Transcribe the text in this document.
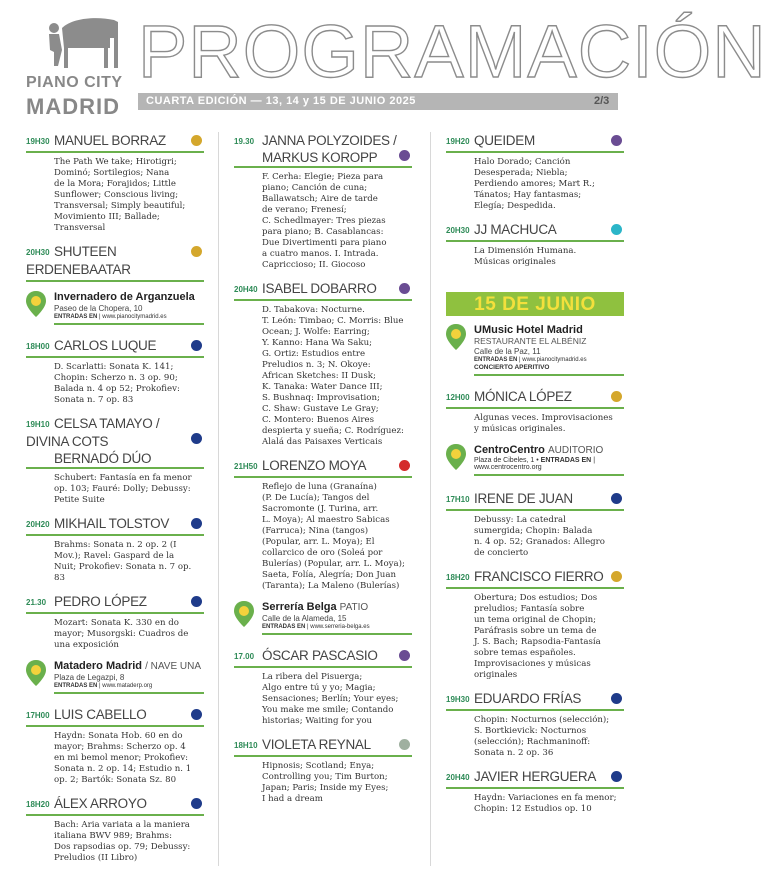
PIANO CITY
MADRID
PROGRAMACIÓN
CUARTA EDICIÓN — 13, 14 y 15 DE JUNIO 2025	2/3
19H30 MANUEL BORRAZ
The Path We take; Hirotigri;
Dominó; Sortilegios; Nana
de la Mora; Forajidos; Little
Sunflower; Conscious living;
Transversal; Simply beautiful;
Movimiento III; Ballade;
Transversal
20H30 SHUTEEN ERDENEBAATAR
Invernadero de Arganzuela
Paseo de la Chopera, 10
ENTRADAS EN | www.pianocitymadrid.es
18H00 CARLOS LUQUE
D. Scarlatti: Sonata K. 141;
Chopin: Scherzo n. 3 op. 90;
Balada n. 4 op 52; Prokofiev:
Sonata n. 7 op. 83
19H10 CELSA TAMAYO / DIVINA COTS
BERNADÓ DÚO
Schubert: Fantasía en fa menor
op. 103; Fauré: Dolly; Debussy:
Petite Suite
20H20 MIKHAIL TOLSTOV
Brahms: Sonata n. 2 op. 2 (I
Mov.); Ravel: Gaspard de la
Nuit; Prokofiev: Sonata n. 7 op.
83
21.30 PEDRO LÓPEZ
Mozart: Sonata K. 330 en do
mayor; Musorgski: Cuadros de
una exposición
Matadero Madrid / NAVE UNA
Plaza de Legazpi, 8
ENTRADAS EN | www.mataderp.org
17H00 LUIS CABELLO
Haydn: Sonata Hob. 60 en do
mayor; Brahms: Scherzo op. 4
en mi bemol menor; Prokofiev:
Sonata n. 2 op. 14; Estudio n. 1
op. 2; Bartók: Sonata Sz. 80
18H20 ÁLEX ARROYO
Bach: Aria variata a la maniera
italiana BWV 989; Brahms:
Dos rapsodias op. 79; Debussy:
Preludios (II Libro)
19.30 JANNA POLYZOIDES /
MARKUS KOROPP
F. Cerha: Elegie; Pieza para
piano; Canción de cuna;
Ballawatsch; Aire de tarde
de verano; Frenesí;
C. Schedlmayer: Tres piezas
para piano; B. Casablancas:
Due Divertimenti para piano
a cuatro manos. I. Intrada.
Capriccioso; II. Giocoso
20H40 ISABEL DOBARRO
D. Tabakova: Nocturne.
T. León: Timbao; C. Morris: Blue
Ocean; J. Wolfe: Earring;
Y. Kanno: Hana Wa Saku;
G. Ortiz: Estudios entre
Preludios n. 3; N. Okoye:
African Sketches: II Dusk;
K. Tanaka: Water Dance III;
S. Bushnaq: Improvisation;
C. Shaw: Gustave Le Gray;
C. Montero: Buenos Aires
despierta y sueña; C. Rodríguez:
Alalá das Paisaxes Verticais
21H50 LORENZO MOYA
Reflejo de luna (Granaína)
(P. De Lucía); Tangos del
Sacromonte (J. Turina, arr.
L. Moya); Al maestro Sabicas
(Farruca); Nina (tangos)
(Popular, arr. L. Moya); El
collarcico de oro (Soleá por
Bulerías) (Popular, arr. L. Moya);
Saeta, Folía, Alegría; Don Juan
(Taranta); La Maleno (Bulerías)
Serrería Belga PATIO
Calle de la Alameda, 15
ENTRADAS EN | www.serreria-belga.es
17.00 ÓSCAR PASCASIO
La ribera del Pisuerga;
Algo entre tú y yo; Magia;
Sensaciones; Berlín; Your eyes;
You make me smile; Contando
historias; Waiting for you
18H10 VIOLETA REYNAL
Hipnosis; Scotland; Enya;
Controlling you; Tim Burton;
Japan; Paris; Inside my Eyes;
I had a dream
19H20 QUEIDEM
Halo Dorado; Canción
Desesperada; Niebla;
Perdiendo amores; Mart R.;
Tánatos; Hay fantasmas;
Elegía; Despedida.
20H30 JJ MACHUCA
La Dimensión Humana.
Músicas originales
15 DE JUNIO
UMusic Hotel Madrid
RESTAURANTE EL ALBÉNIZ
Calle de la Paz, 11
ENTRADAS EN | www.pianocitymadrid.es
CONCIERTO APERITIVO
12H00 MÓNICA LÓPEZ
Algunas veces. Improvisaciones
y músicas originales.
CentroCentro AUDITORIO
Plaza de Cibeles, 1 • ENTRADAS EN | www.centrocentro.org
17H10 IRENE DE JUAN
Debussy: La catedral
sumergida; Chopin: Balada
n. 4 op. 52; Granados: Allegro
de concierto
18H20 FRANCISCO FIERRO
Obertura; Dos estudios; Dos
preludios; Fantasía sobre
un tema original de Chopin;
Paráfrasis sobre un tema de
J. S. Bach; Rapsodia-Fantasía
sobre temas españoles.
Improvisaciones y músicas
originales
19H30 EDUARDO FRÍAS
Chopin: Nocturnos (selección);
S. Bortkievick: Nocturnos
(selección); Rachmaninoff:
Sonata n. 2 op. 36
20H40 JAVIER HERGUERA
Haydn: Variaciones en fa menor;
Chopin: 12 Estudios op. 10
